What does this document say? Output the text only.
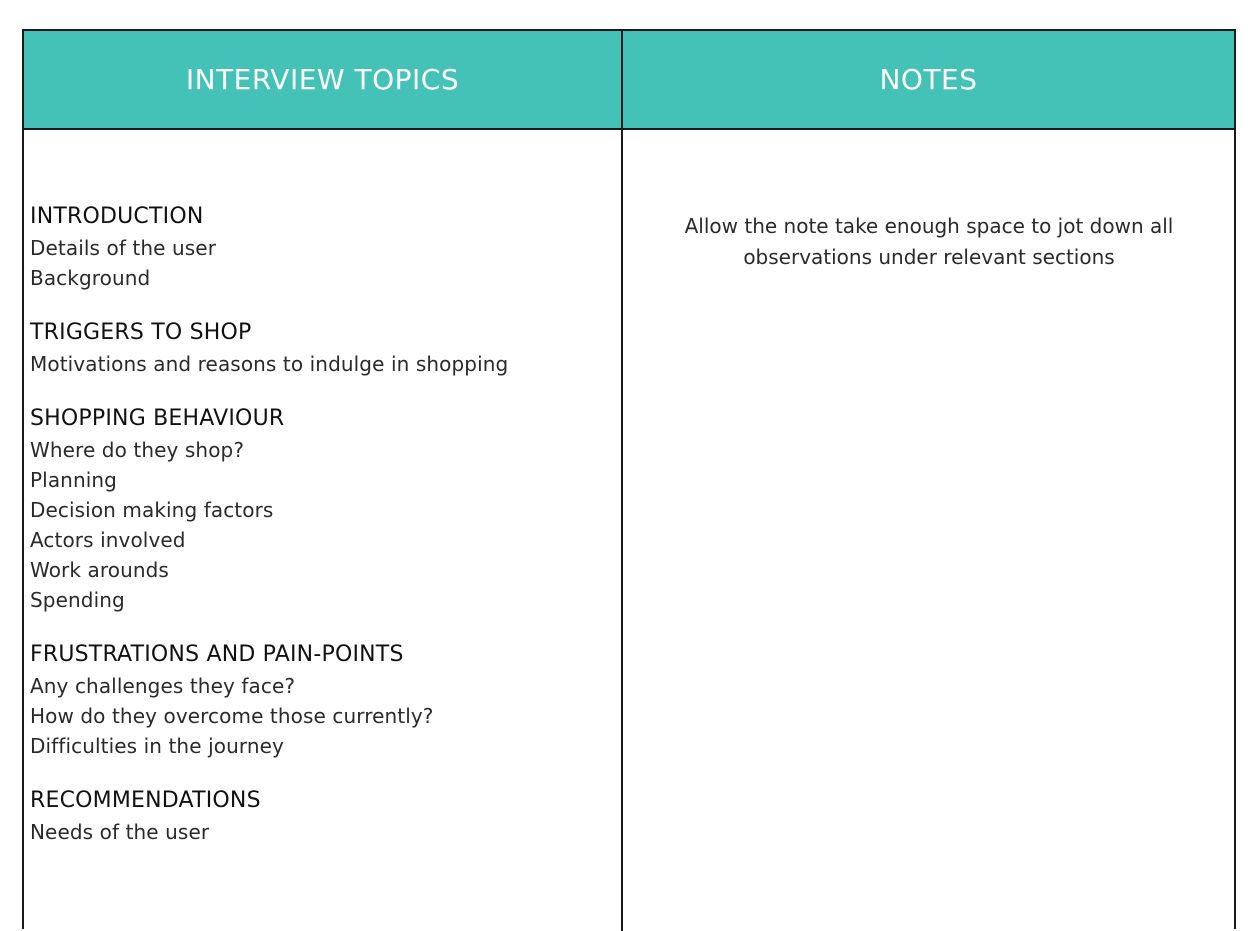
INTERVIEW TOPICS	NOTES
INTRODUCTION
Details of the user
Background
TRIGGERS TO SHOP
Motivations and reasons to indulge in shopping
SHOPPING BEHAVIOUR
Where do they shop?
Planning
Decision making factors
Actors involved
Work arounds
Spending
FRUSTRATIONS AND PAIN-POINTS
Any challenges they face?
How do they overcome those currently?
Difficulties in the journey
RECOMMENDATIONS
Needs of the user
Allow the note take enough space to jot down all observations under relevant sections
